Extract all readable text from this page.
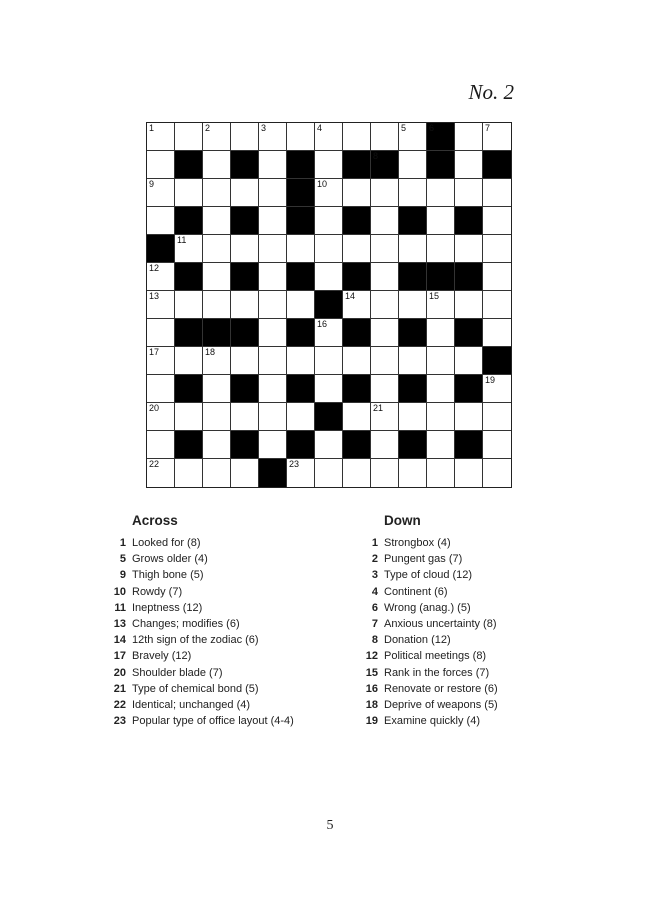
No. 2
1	2	3	4	5	6	7
8
9	10
11
12
13	14	15
16
17	18
19
20	21
22	23
Across
1 Looked for (8)
5 Grows older (4)
9 Thigh bone (5)
10 Rowdy (7)
11 Ineptness (12)
13 Changes; modifies (6)
14 12th sign of the zodiac (6)
17 Bravely (12)
20 Shoulder blade (7)
21 Type of chemical bond (5)
22 Identical; unchanged (4)
23 Popular type of office layout (4-4)
Down
1 Strongbox (4)
2 Pungent gas (7)
3 Type of cloud (12)
4 Continent (6)
6 Wrong (anag.) (5)
7 Anxious uncertainty (8)
8 Donation (12)
12 Political meetings (8)
15 Rank in the forces (7)
16 Renovate or restore (6)
18 Deprive of weapons (5)
19 Examine quickly (4)
5
